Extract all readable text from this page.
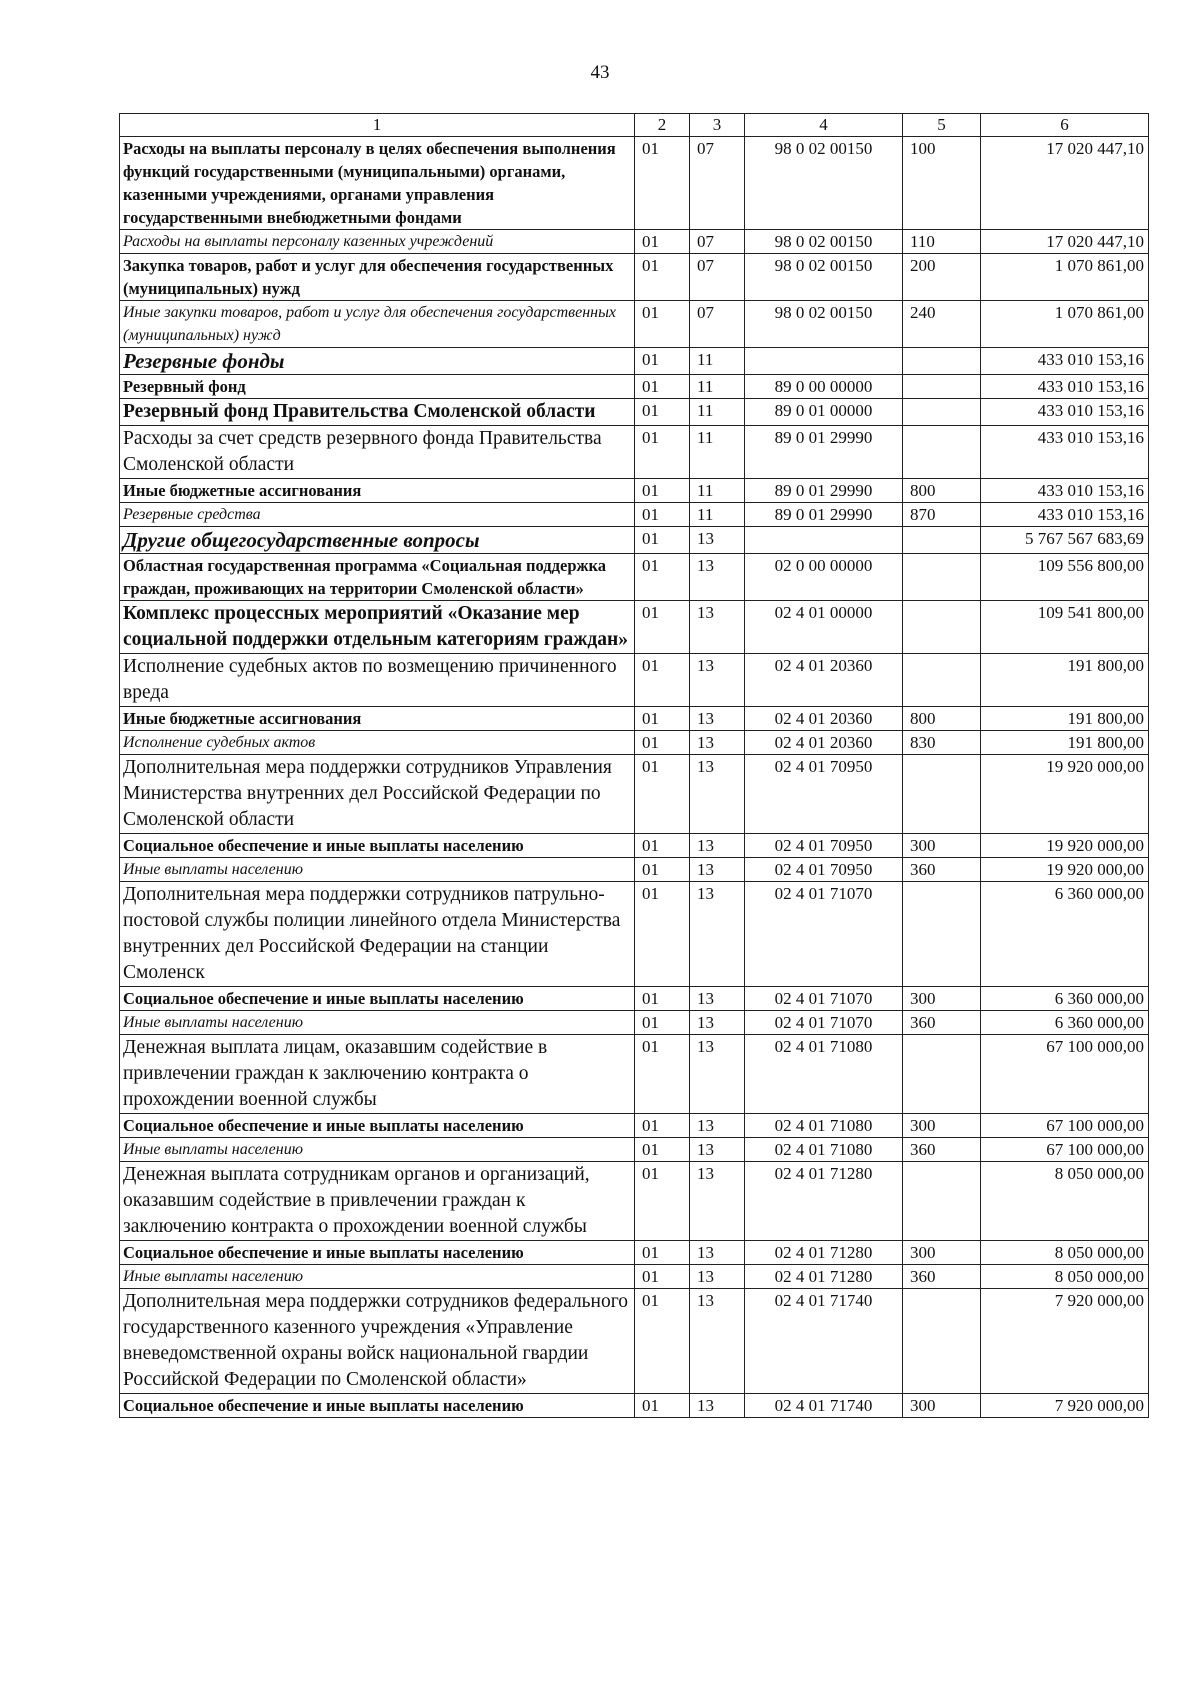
43
1	2	3	4	5	6
Расходы на выплаты персоналу в целях обеспечения выполнения функций государственными (муниципальными) органами, казенными учреждениями, органами управления государственными внебюджетными фондами	01	07	98 0 02 00150	100	17 020 447,10
Расходы на выплаты персоналу казенных учреждений	01	07	98 0 02 00150	110	17 020 447,10
Закупка товаров, работ и услуг для обеспечения государственных (муниципальных) нужд	01	07	98 0 02 00150	200	1 070 861,00
Иные закупки товаров, работ и услуг для обеспечения государственных (муниципальных) нужд	01	07	98 0 02 00150	240	1 070 861,00
Резервные фонды	01	11			433 010 153,16
Резервный фонд	01	11	89 0 00 00000		433 010 153,16
Резервный фонд Правительства Смоленской области	01	11	89 0 01 00000		433 010 153,16
Расходы за счет средств резервного фонда Правительства Смоленской области	01	11	89 0 01 29990		433 010 153,16
Иные бюджетные ассигнования	01	11	89 0 01 29990	800	433 010 153,16
Резервные средства	01	11	89 0 01 29990	870	433 010 153,16
Другие общегосударственные вопросы	01	13			5 767 567 683,69
Областная государственная программа «Социальная поддержка граждан, проживающих на территории Смоленской области»	01	13	02 0 00 00000		109 556 800,00
Комплекс процессных мероприятий «Оказание мер социальной поддержки отдельным категориям граждан»	01	13	02 4 01 00000		109 541 800,00
Исполнение судебных актов по возмещению причиненного вреда	01	13	02 4 01 20360		191 800,00
Иные бюджетные ассигнования	01	13	02 4 01 20360	800	191 800,00
Исполнение судебных актов	01	13	02 4 01 20360	830	191 800,00
Дополнительная мера поддержки сотрудников Управления Министерства внутренних дел Российской Федерации по Смоленской области	01	13	02 4 01 70950		19 920 000,00
Социальное обеспечение и иные выплаты населению	01	13	02 4 01 70950	300	19 920 000,00
Иные выплаты населению	01	13	02 4 01 70950	360	19 920 000,00
Дополнительная мера поддержки сотрудников патрульно-постовой службы полиции линейного отдела Министерства внутренних дел Российской Федерации на станции Смоленск	01	13	02 4 01 71070		6 360 000,00
Социальное обеспечение и иные выплаты населению	01	13	02 4 01 71070	300	6 360 000,00
Иные выплаты населению	01	13	02 4 01 71070	360	6 360 000,00
Денежная выплата лицам, оказавшим содействие в привлечении граждан к заключению контракта о прохождении военной службы	01	13	02 4 01 71080		67 100 000,00
Социальное обеспечение и иные выплаты населению	01	13	02 4 01 71080	300	67 100 000,00
Иные выплаты населению	01	13	02 4 01 71080	360	67 100 000,00
Денежная выплата сотрудникам органов и организаций, оказавшим содействие в привлечении граждан к заключению контракта о прохождении военной службы	01	13	02 4 01 71280		8 050 000,00
Социальное обеспечение и иные выплаты населению	01	13	02 4 01 71280	300	8 050 000,00
Иные выплаты населению	01	13	02 4 01 71280	360	8 050 000,00
Дополнительная мера поддержки сотрудников федерального государственного казенного учреждения «Управление вневедомственной охраны войск национальной гвардии Российской Федерации по Смоленской области»	01	13	02 4 01 71740		7 920 000,00
Социальное обеспечение и иные выплаты населению	01	13	02 4 01 71740	300	7 920 000,00
